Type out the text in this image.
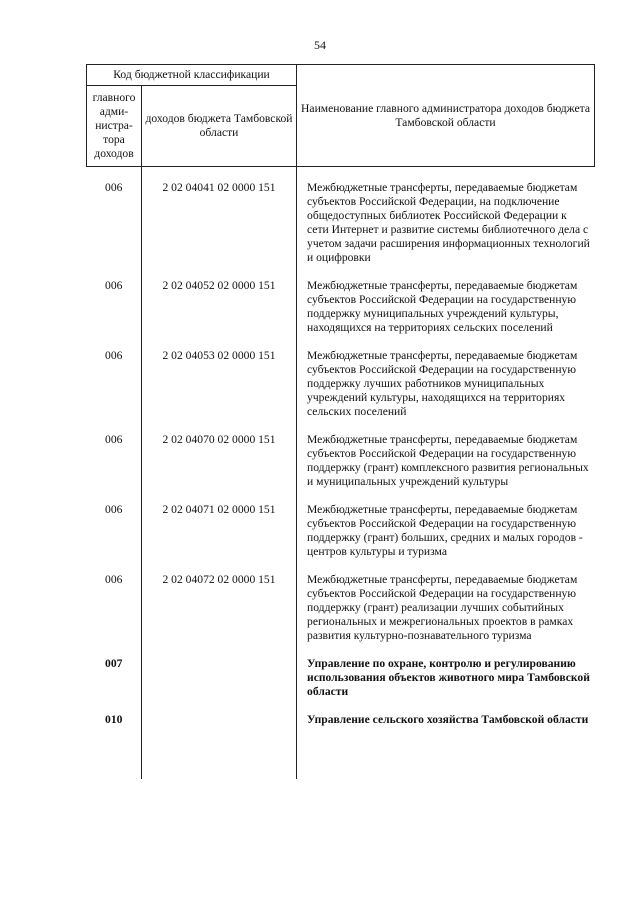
54
Код бюджетной классификации		Наименование главного администратора доходов бюджета Тамбовской области
главного адми-нистра-тора доходов	доходов бюджета Тамбовской области	
006	2 02 04041 02 0000 151	Межбюджетные трансферты, передаваемые бюджетам субъектов Российской Федерации, на подключение общедоступных библиотек Российской Федерации к сети Интернет и развитие системы библиотечного дела с учетом задачи расширения информационных технологий и оцифровки
006	2 02 04052 02 0000 151	Межбюджетные трансферты, передаваемые бюджетам субъектов Российской Федерации на государственную поддержку муниципальных учреждений культуры, находящихся на территориях сельских поселений
006	2 02 04053 02 0000 151	Межбюджетные трансферты, передаваемые бюджетам субъектов Российской Федерации на государственную поддержку лучших работников муниципальных учреждений культуры, находящихся на территориях сельских поселений
006	2 02 04070 02 0000 151	Межбюджетные трансферты, передаваемые бюджетам субъектов Российской Федерации на государственную поддержку (грант) комплексного развития региональных и муниципальных учреждений культуры
006	2 02 04071 02 0000 151	Межбюджетные трансферты, передаваемые бюджетам субъектов Российской Федерации на государственную поддержку (грант) больших, средних и малых городов - центров культуры и туризма
006	2 02 04072 02 0000 151	Межбюджетные трансферты, передаваемые бюджетам субъектов Российской Федерации на государственную поддержку (грант) реализации лучших событийных региональных и межрегиональных проектов в рамках развития культурно-познавательного туризма
007		Управление по охране, контролю и регулированию использования объектов животного мира Тамбовской области
010		Управление сельского хозяйства Тамбовской области
